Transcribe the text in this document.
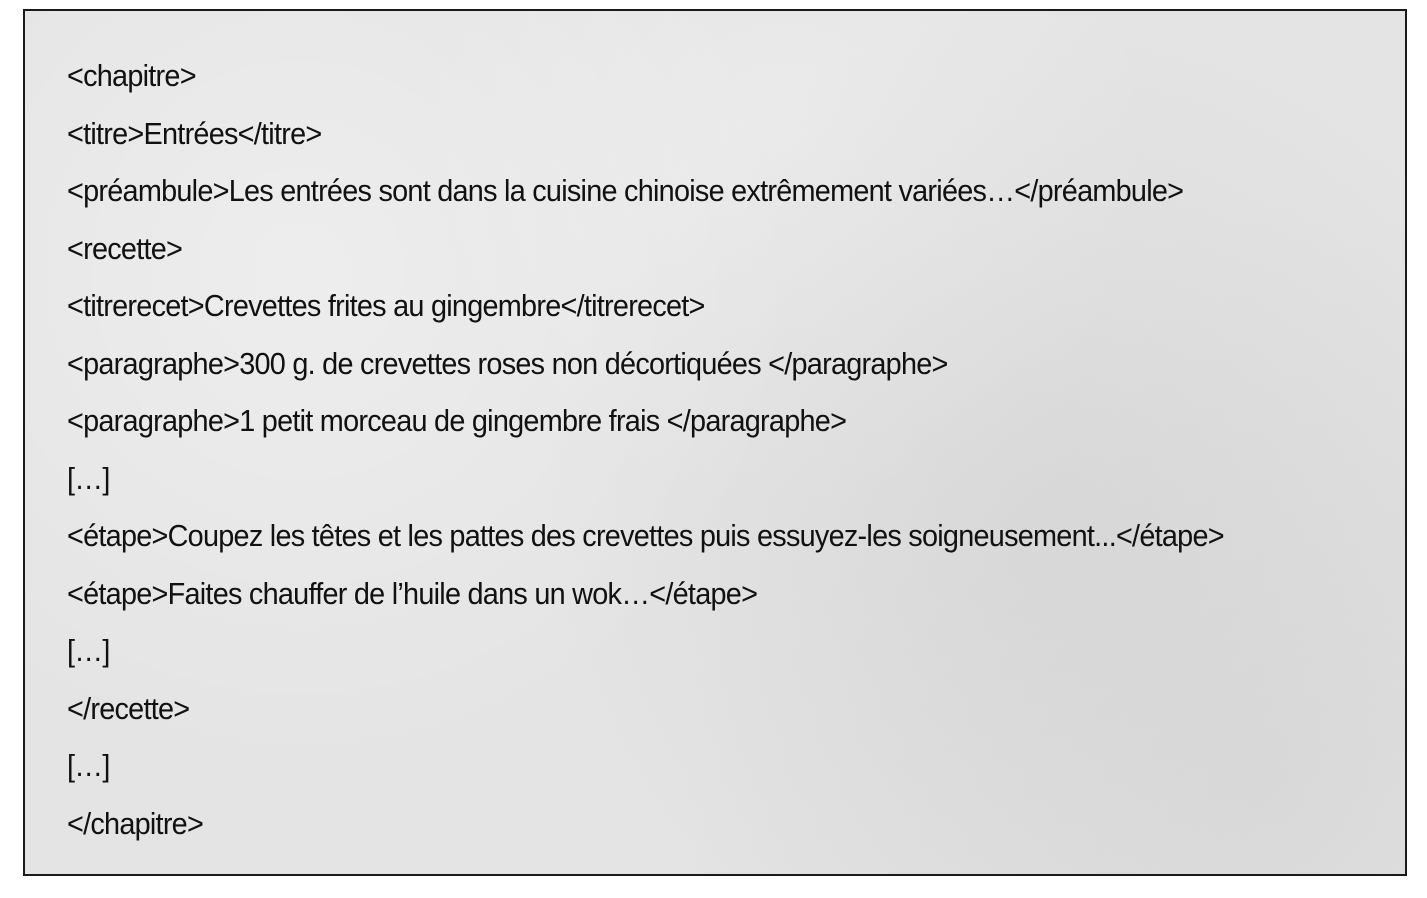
<chapitre>
<titre>Entrées</titre>
<préambule>Les entrées sont dans la cuisine chinoise extrêmement variées…</préambule>
<recette>
<titrerecet>Crevettes frites au gingembre</titrerecet>
<paragraphe>300 g. de crevettes roses non décortiquées </paragraphe>
<paragraphe>1 petit morceau de gingembre frais </paragraphe>
[…]
<étape>Coupez les têtes et les pattes des crevettes puis essuyez-les soigneusement...</étape>
<étape>Faites chauffer de l’huile dans un wok…</étape>
[…]
</recette>
[…]
</chapitre>
